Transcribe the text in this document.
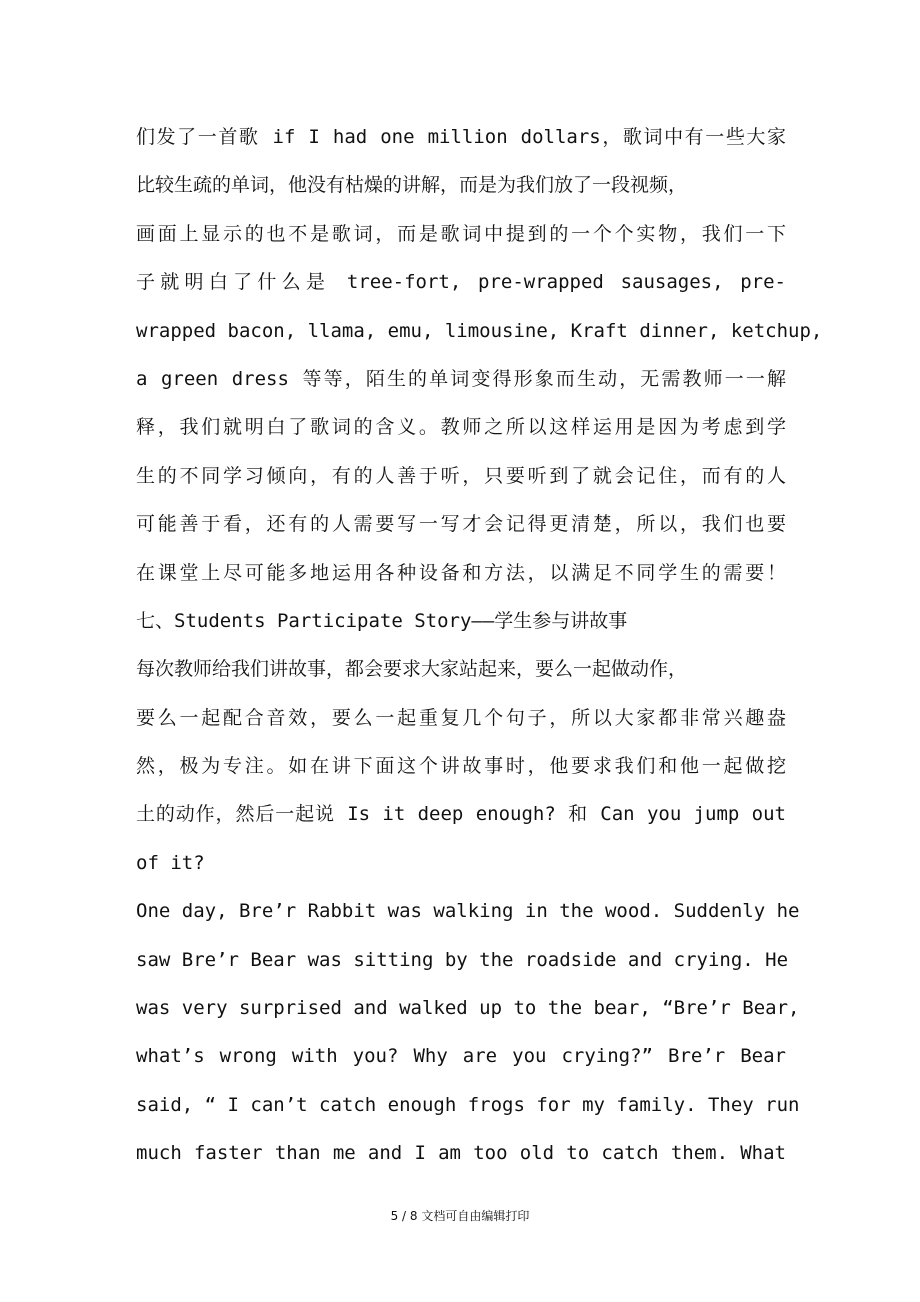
们发了一首歌 if I had one million dollars，歌词中有一些大家
比较生疏的单词，他没有枯燥的讲解，而是为我们放了一段视频，
画面上显示的也不是歌词，而是歌词中提到的一个个实物，我们一下
子就明白了什么是 tree-fort, pre-wrapped sausages, pre-
wrapped bacon, llama, emu, limousine, Kraft dinner, ketchup,
a green dress 等等，陌生的单词变得形象而生动，无需教师一一解
释，我们就明白了歌词的含义。教师之所以这样运用是因为考虑到学
生的不同学习倾向，有的人善于听，只要听到了就会记住，而有的人
可能善于看，还有的人需要写一写才会记得更清楚，所以，我们也要
在课堂上尽可能多地运用各种设备和方法，以满足不同学生的需要！
七、Students Participate Story——学生参与讲故事
每次教师给我们讲故事，都会要求大家站起来，要么一起做动作，
要么一起配合音效，要么一起重复几个句子，所以大家都非常兴趣盎
然，极为专注。如在讲下面这个讲故事时，他要求我们和他一起做挖
土的动作，然后一起说 Is it deep enough? 和 Can you jump out
of it?
One day, Bre’r Rabbit was walking in the wood. Suddenly he
saw Bre’r Bear was sitting by the roadside and crying. He
was very surprised and walked up to the bear, “Bre’r Bear,
what’s wrong with you? Why are you crying?” Bre’r Bear
said, “ I can’t catch enough frogs for my family. They run
much faster than me and I am too old to catch them. What
5 / 8 文档可自由编辑打印
